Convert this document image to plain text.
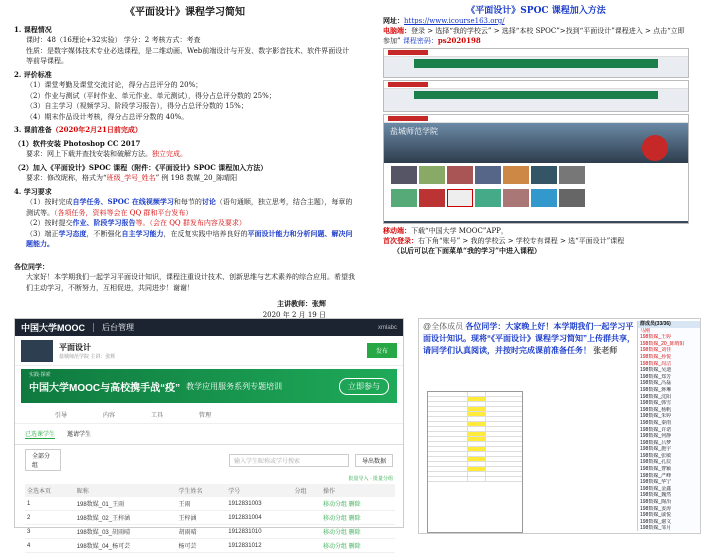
《平面设计》课程学习简知
1. 课程情况
课时：48（16理论+32实验） 学分：2 考核方式：考查
性质：是数字媒体技术专业必选课程，是二维动画、Web前端设计与开发、数字影音技术、软件界面设计等前导课程。
2. 评价标准
（1）课堂考勤及课堂交流讨论，得分占总评分的 20%；
（2）作业与测试（平时作业、单元作业、单元测试），得分占总评分数的 25%；
（3）自主学习（视频学习、阶段学习报告），得分占总评分数的 15%；
（4）期末作品设计考核，得分占总评分数的 40%。
3. 课前准备（2020年2月21日前完成）
（1）软件安装 Photoshop CC 2017
要求：网上下载并查找安装和破解方法。独立完成。
（2）加入《平面设计》SPOC 课程（附件：《平面设计》SPOC 课程加入方法）
要求：修改昵称，格式为“班级_学号_姓名” 例 198 数媒_20_陈晴阳
4. 学习要求
（1）按时完成自学任务、SPOC 在线视频学习和每节的讨论（语句通顺，独立思考，结合主题），每章的测试等。（各项任务，资料等会在 QQ 群和平台发布）
（2）按时提交作业、阶段学习报告等。（会在 QQ 群发布内容及要求）
（3）端正学习态度，不断强化自主学习能力，在反复实践中培养良好的平面设计能力和分析问题、解决问题能力。
各位同学：
大家好！本学期我们一起学习平面设计知识，课程注重设计技术、创新思维与艺术素养的综合应用。希望我们主动学习，不断努力，互相促进，共同进步！谢谢！
主讲教师：张辉
2020 年 2 月 19 日
《平面设计》SPOC 课程加入方法
网址：https://www.icourse163.org/
电脑端：登录 > 选择“我的学校云” > 选择“本校 SPOC”>找到“平面设计”课程进入 > 点击“立即参加” 课程密码：ps2020198
盐城师范学院

移动端：下载“中国大学 MOOC”APP，
首次登录：右下角“账号” > 我的学校云 > 学校专有课程 > 选“平面设计”课程
（以后可以在下面菜单“我的学习”中进入课程）
中国大学MOOC 后台管理	xmlabc
平面设计
盐城师范学院 主讲：张辉
发布
实践·探索
中国大学MOOC与高校携手战“疫” 教学应用服务系列专题培训	立即参与
引导	内容	工具	管理
已选课学生 邀请学生
全部分组
输入学生昵称或学号搜索	导出数据
批量导入 · 批量分组
全选本页	昵称	学生姓名	学号	分组	操作
1	198数媒_01_王雨	王雨	1912831003		移动分组 删除
2	198数媒_02_王梓涵	王梓涵	1912831004		移动分组 删除
3	198数媒_03_胡雨晴	胡雨晴	1912831010		移动分组 删除
4	198数媒_04_杨可芸	杨可芸	1912831012		移动分组 删除
@全体成员 各位同学：大家晚上好！本学期我们一起学习平面设计知识。现将“《平面设计》课程学习简知”上传群共享，请同学们认真阅读，并按时完成课前准备任务！ 张老师
群成员(33/36)
马刚
198数媒_王婷
198数媒_20_陈晴阳
198数媒_刘佳
198数媒_孙悦
198数媒_周洁
198数媒_吴迪
198数媒_郑芳
198数媒_冯磊
198数媒_蒋琳
198数媒_沈阳
198数媒_韩雪
198数媒_杨帆
198数媒_朱婷
198数媒_秦雨
198数媒_许诺
198数媒_何静
198数媒_吕梦
198数媒_施宇
198数媒_张敏
198数媒_孔辰
198数媒_曹颖
198数媒_严峰
198数媒_华宁
198数媒_金鑫
198数媒_魏然
198数媒_陶冶
198数媒_姜涛
198数媒_戚悦
198数媒_谢文
198数媒_邹月
